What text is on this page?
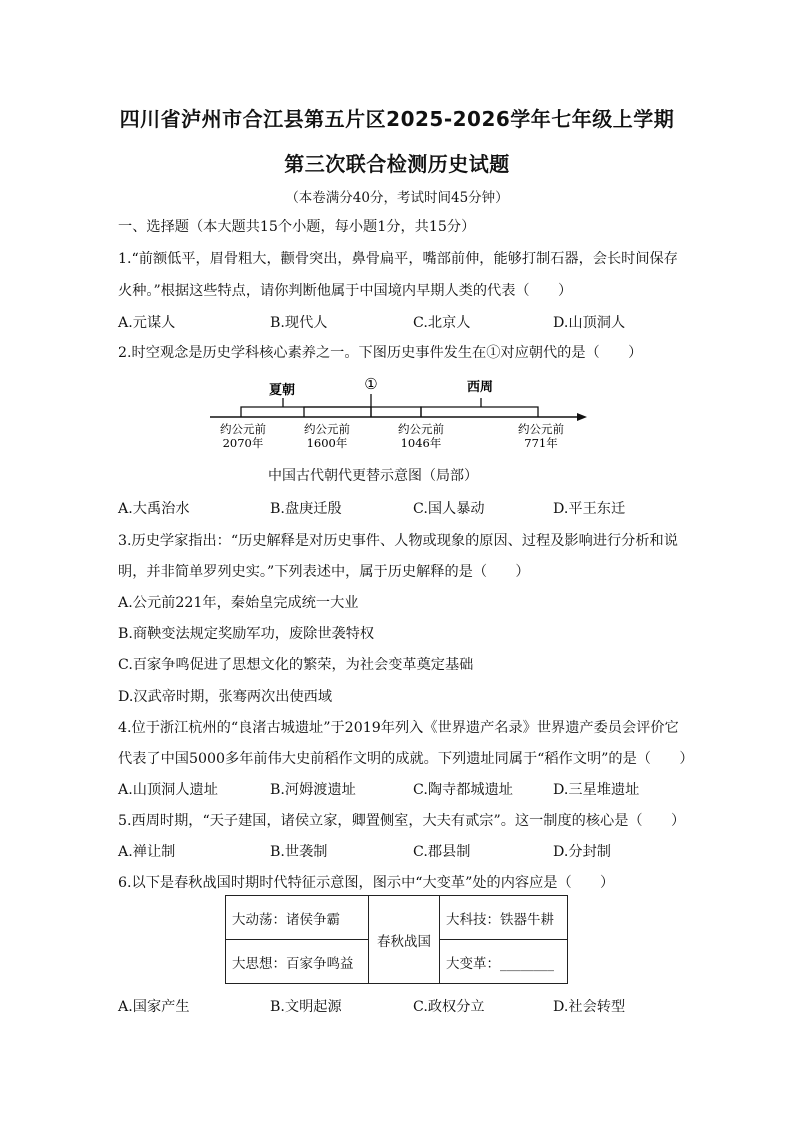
四川省泸州市合江县第五片区2025-2026学年七年级上学期
第三次联合检测历史试题
（本卷满分40分，考试时间45分钟）
一、选择题（本大题共15个小题，每小题1分，共15分）
1.“前额低平，眉骨粗大，颧骨突出，鼻骨扁平，嘴部前伸，能够打制石器，会长时间保存
火种。”根据这些特点，请你判断他属于中国境内早期人类的代表（　　）
A.元谋人	B.现代人	C.北京人	D.山顶洞人
2.时空观念是历史学科核心素养之一。下图历史事件发生在①对应朝代的是（　　）
夏朝	①	西周
约公元前
2070年
约公元前
1600年
约公元前
1046年
约公元前
771年
中国古代朝代更替示意图（局部）
A.大禹治水	B.盘庚迁殷	C.国人暴动	D.平王东迁
3.历史学家指出：“历史解释是对历史事件、人物或现象的原因、过程及影响进行分析和说
明，并非简单罗列史实。”下列表述中，属于历史解释的是（　　）
A.公元前221年，秦始皇完成统一大业
B.商鞅变法规定奖励军功，废除世袭特权
C.百家争鸣促进了思想文化的繁荣，为社会变革奠定基础
D.汉武帝时期，张骞两次出使西域
4.位于浙江杭州的“良渚古城遗址”于2019年列入《世界遗产名录》世界遗产委员会评价它
代表了中国5000多年前伟大史前稻作文明的成就。下列遗址同属于“稻作文明”的是（　　）
A.山顶洞人遗址	B.河姆渡遗址	C.陶寺都城遗址	D.三星堆遗址
5.西周时期，“天子建国，诸侯立家，卿置侧室，大夫有贰宗”。这一制度的核心是（　　）
A.禅让制	B.世袭制	C.郡县制	D.分封制
6.以下是春秋战国时期时代特征示意图，图示中“大变革”处的内容应是（　　）
大动荡：诸侯争霸	春秋战国	大科技：铁器牛耕
大思想：百家争鸣益		大变革：________
A.国家产生	B.文明起源	C.政权分立	D.社会转型
